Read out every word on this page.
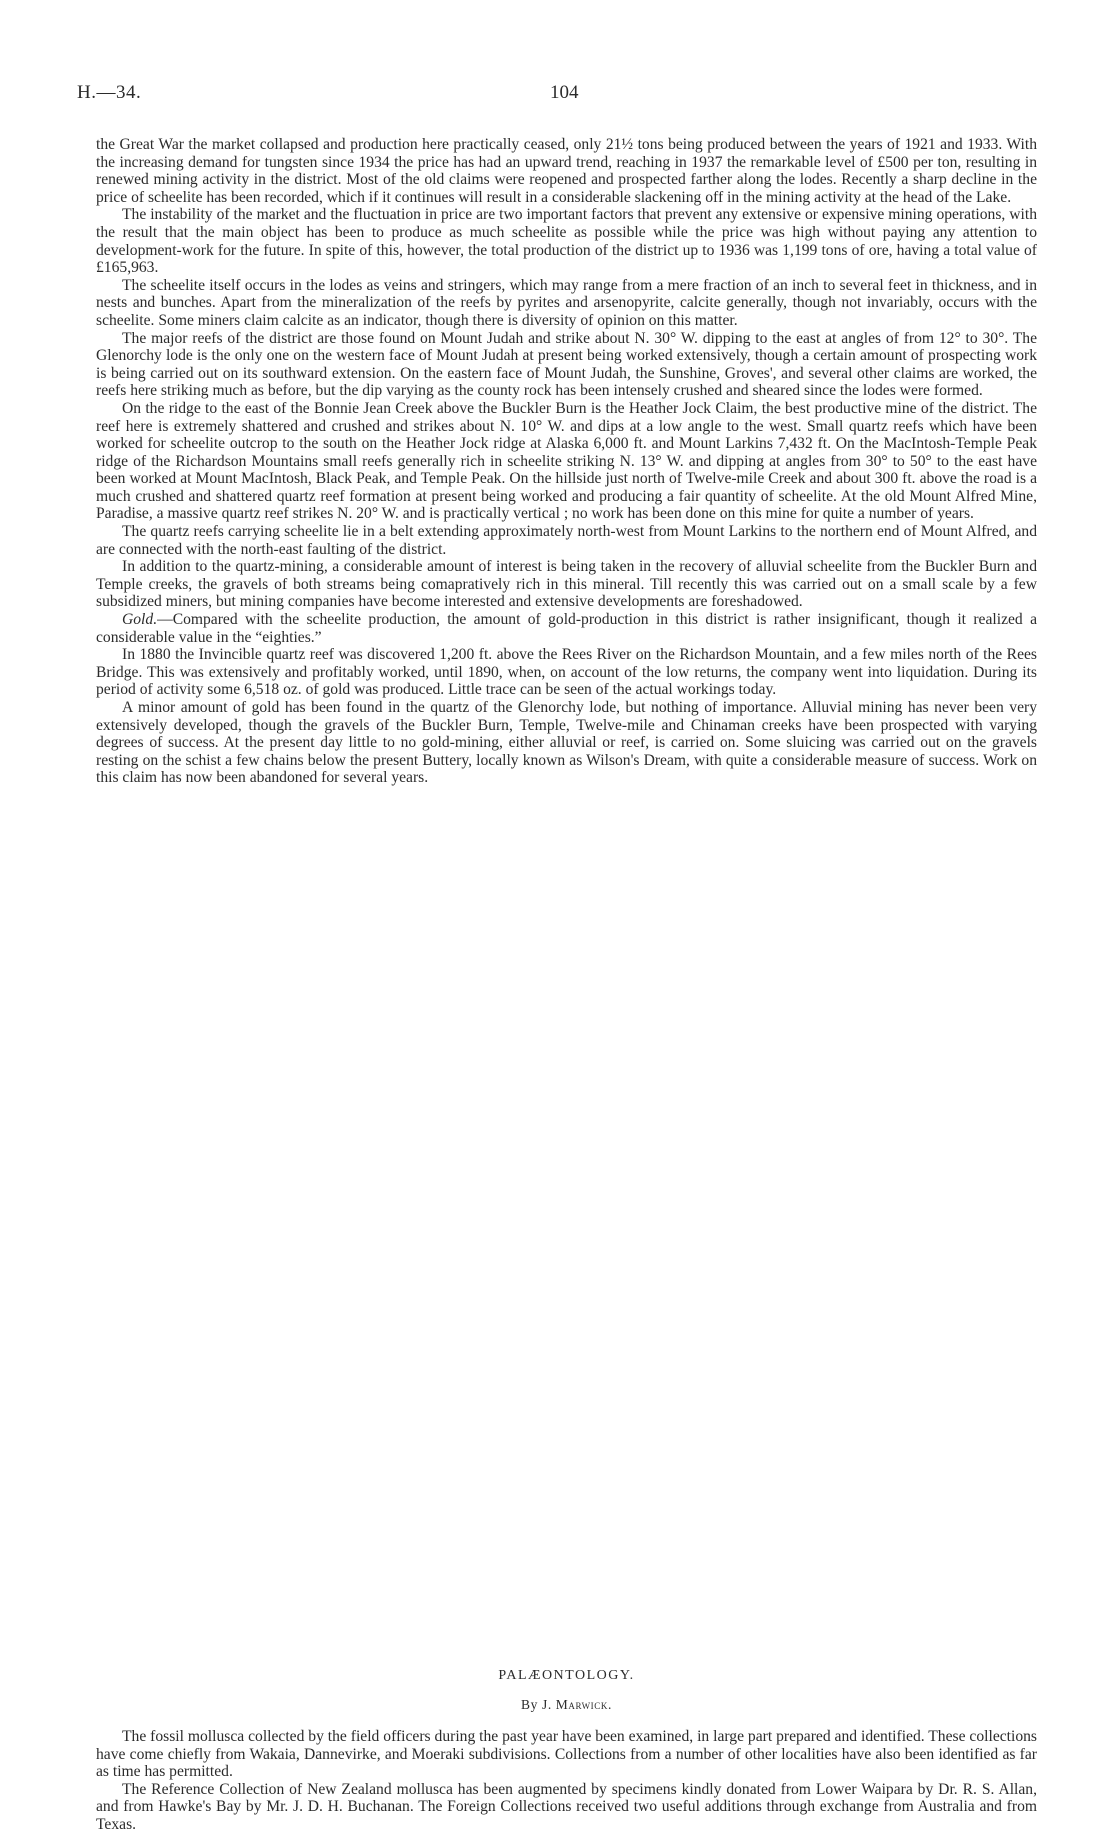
H.—34.	104

the Great War the market collapsed and production here practically ceased, only 21½ tons being produced between the years of 1921 and 1933. With the increasing demand for tungsten since 1934 the price has had an upward trend, reaching in 1937 the remarkable level of £500 per ton, resulting in renewed mining activity in the district. Most of the old claims were reopened and prospected farther along the lodes. Recently a sharp decline in the price of scheelite has been recorded, which if it continues will result in a considerable slackening off in the mining activity at the head of the Lake.

The instability of the market and the fluctuation in price are two important factors that prevent any extensive or expensive mining operations, with the result that the main object has been to produce as much scheelite as possible while the price was high without paying any attention to development-work for the future. In spite of this, however, the total production of the district up to 1936 was 1,199 tons of ore, having a total value of £165,963.

The scheelite itself occurs in the lodes as veins and stringers, which may range from a mere fraction of an inch to several feet in thickness, and in nests and bunches. Apart from the mineralization of the reefs by pyrites and arsenopyrite, calcite generally, though not invariably, occurs with the scheelite. Some miners claim calcite as an indicator, though there is diversity of opinion on this matter.

The major reefs of the district are those found on Mount Judah and strike about N. 30° W. dipping to the east at angles of from 12° to 30°. The Glenorchy lode is the only one on the western face of Mount Judah at present being worked extensively, though a certain amount of prospecting work is being carried out on its southward extension. On the eastern face of Mount Judah, the Sunshine, Groves', and several other claims are worked, the reefs here striking much as before, but the dip varying as the county rock has been intensely crushed and sheared since the lodes were formed.

On the ridge to the east of the Bonnie Jean Creek above the Buckler Burn is the Heather Jock Claim, the best productive mine of the district. The reef here is extremely shattered and crushed and strikes about N. 10° W. and dips at a low angle to the west. Small quartz reefs which have been worked for scheelite outcrop to the south on the Heather Jock ridge at Alaska 6,000 ft. and Mount Larkins 7,432 ft. On the MacIntosh-Temple Peak ridge of the Richardson Mountains small reefs generally rich in scheelite striking N. 13° W. and dipping at angles from 30° to 50° to the east have been worked at Mount MacIntosh, Black Peak, and Temple Peak. On the hillside just north of Twelve-mile Creek and about 300 ft. above the road is a much crushed and shattered quartz reef formation at present being worked and producing a fair quantity of scheelite. At the old Mount Alfred Mine, Paradise, a massive quartz reef strikes N. 20° W. and is practically vertical ; no work has been done on this mine for quite a number of years.

The quartz reefs carrying scheelite lie in a belt extending approximately north-west from Mount Larkins to the northern end of Mount Alfred, and are connected with the north-east faulting of the district.

In addition to the quartz-mining, a considerable amount of interest is being taken in the recovery of alluvial scheelite from the Buckler Burn and Temple creeks, the gravels of both streams being comapratively rich in this mineral. Till recently this was carried out on a small scale by a few subsidized miners, but mining companies have become interested and extensive developments are foreshadowed.

Gold.—Compared with the scheelite production, the amount of gold-production in this district is rather insignificant, though it realized a considerable value in the “eighties.”

In 1880 the Invincible quartz reef was discovered 1,200 ft. above the Rees River on the Richardson Mountain, and a few miles north of the Rees Bridge. This was extensively and profitably worked, until 1890, when, on account of the low returns, the company went into liquidation. During its period of activity some 6,518 oz. of gold was produced. Little trace can be seen of the actual workings today.

A minor amount of gold has been found in the quartz of the Glenorchy lode, but nothing of importance. Alluvial mining has never been very extensively developed, though the gravels of the Buckler Burn, Temple, Twelve-mile and Chinaman creeks have been prospected with varying degrees of success. At the present day little to no gold-mining, either alluvial or reef, is carried on. Some sluicing was carried out on the gravels resting on the schist a few chains below the present Buttery, locally known as Wilson's Dream, with quite a considerable measure of success. Work on this claim has now been abandoned for several years.

PALÆONTOLOGY.
By J. Marwick.

The fossil mollusca collected by the field officers during the past year have been examined, in large part prepared and identified. These collections have come chiefly from Wakaia, Dannevirke, and Moeraki subdivisions. Collections from a number of other localities have also been identified as far as time has permitted.

The Reference Collection of New Zealand mollusca has been augmented by specimens kindly donated from Lower Waipara by Dr. R. S. Allan, and from Hawke's Bay by Mr. J. D. H. Buchanan. The Foreign Collections received two useful additions through exchange from Australia and from Texas.
